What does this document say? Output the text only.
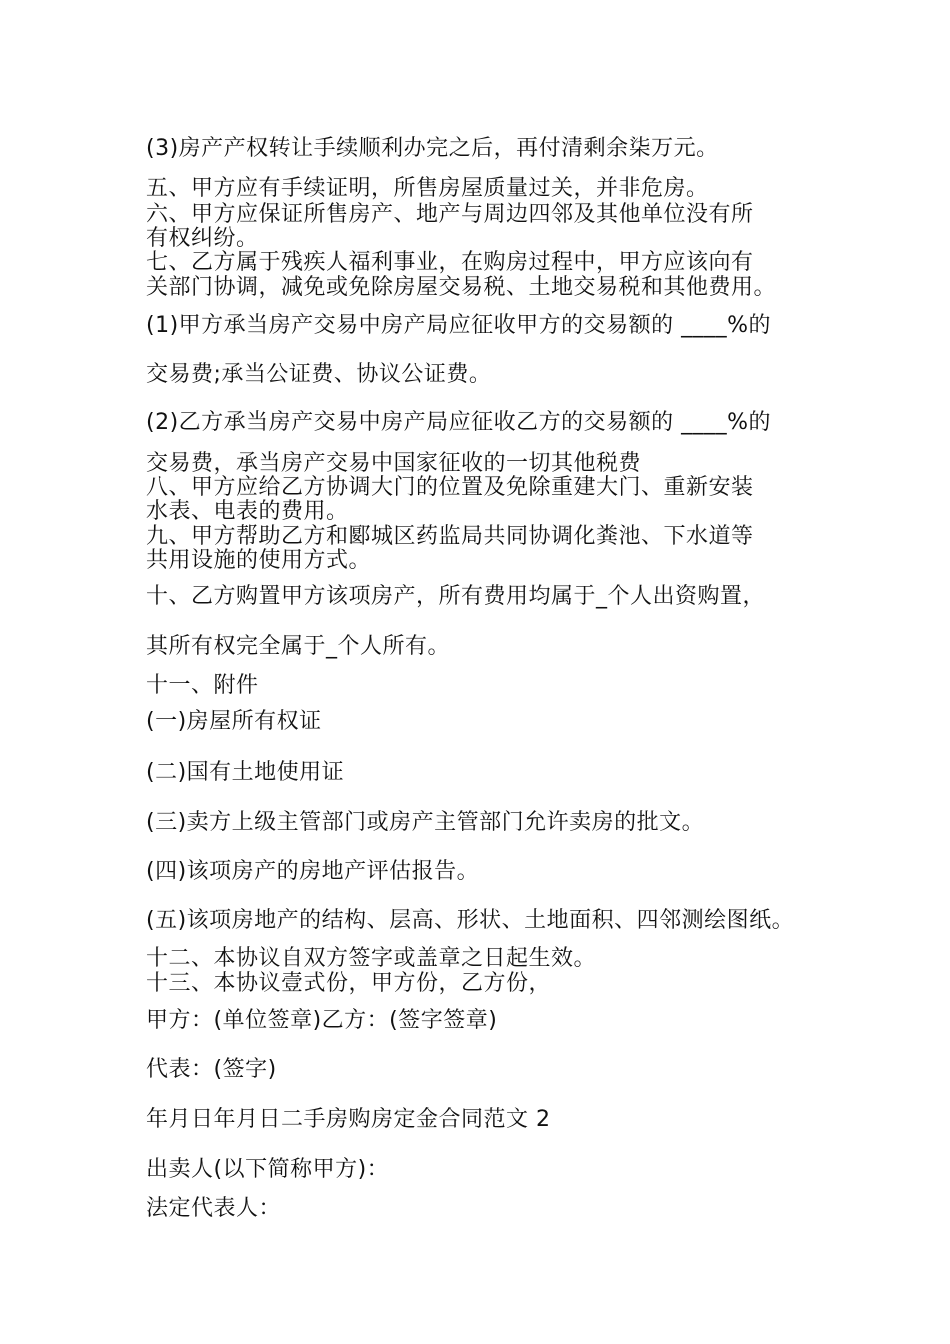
(3)房产产权转让手续顺利办完之后，再付清剩余柒万元。
五、甲方应有手续证明，所售房屋质量过关，并非危房。
六、甲方应保证所售房产、地产与周边四邻及其他单位没有所
有权纠纷。
七、乙方属于残疾人福利事业，在购房过程中，甲方应该向有
关部门协调，减免或免除房屋交易税、土地交易税和其他费用。
(1)甲方承当房产交易中房产局应征收甲方的交易额的 ____%的
交易费;承当公证费、协议公证费。
(2)乙方承当房产交易中房产局应征收乙方的交易额的 ____%的
交易费，承当房产交易中国家征收的一切其他税费
八、甲方应给乙方协调大门的位置及免除重建大门、重新安装
水表、电表的费用。
九、甲方帮助乙方和郾城区药监局共同协调化粪池、下水道等
共用设施的使用方式。
十、乙方购置甲方该项房产，所有费用均属于_个人出资购置，
其所有权完全属于_个人所有。
十一、附件
(一)房屋所有权证
(二)国有土地使用证
(三)卖方上级主管部门或房产主管部门允许卖房的批文。
(四)该项房产的房地产评估报告。
(五)该项房地产的结构、层高、形状、土地面积、四邻测绘图纸。
十二、本协议自双方签字或盖章之日起生效。
十三、本协议壹式份，甲方份，乙方份，
甲方：(单位签章)乙方：(签字签章)
代表：(签字)
年月日年月日二手房购房定金合同范文 2
出卖人(以下简称甲方)：
法定代表人：
